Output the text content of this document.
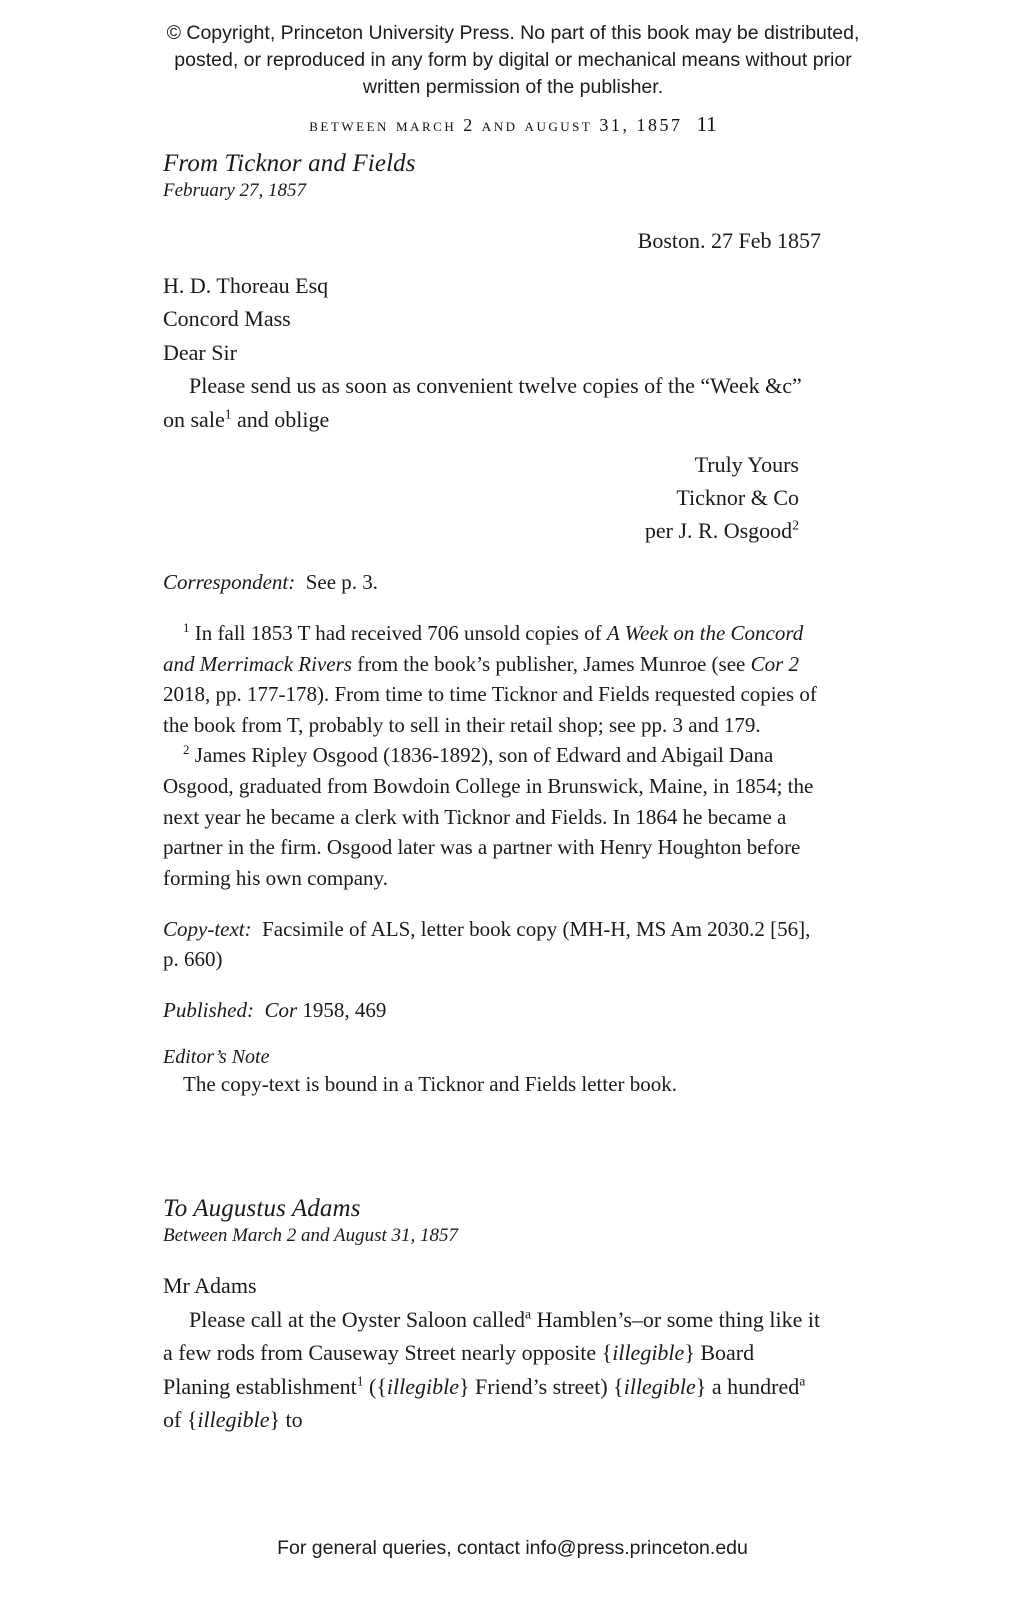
© Copyright, Princeton University Press. No part of this book may be distributed, posted, or reproduced in any form by digital or mechanical means without prior written permission of the publisher.
between march 2 and august 31, 1857 11

From Ticknor and Fields

February 27, 1857

Boston. 27 Feb 1857

H. D. Thoreau Esq

Concord Mass

Dear Sir

Please send us as soon as convenient twelve copies of the “Week &c” on sale$^1$ and oblige

Truly Yours

Ticknor & Co

per J. R. Osgood$^2$

Correspondent: See p. 3.

$^1$ In fall 1853 T had received 706 unsold copies of A Week on the Concord and Merrimack Rivers from the book’s publisher, James Munroe (see Cor 2 2018, pp. 177-178). From time to time Ticknor and Fields requested copies of the book from T, probably to sell in their retail shop; see pp. 3 and 179.

$^2$ James Ripley Osgood (1836-1892), son of Edward and Abigail Dana Osgood, graduated from Bowdoin College in Brunswick, Maine, in 1854; the next year he became a clerk with Ticknor and Fields. In 1864 he became a partner in the firm. Osgood later was a partner with Henry Houghton before forming his own company.

Copy-text: Facsimile of ALS, letter book copy (MH-H, MS Am 2030.2 [56], p. 660)

Published: Cor 1958, 469

Editor’s Note

The copy-text is bound in a Ticknor and Fields letter book.

To Augustus Adams

Between March 2 and August 31, 1857

Mr Adams

Please call at the Oyster Saloon called$^a$ Hamblen’s–or some thing like it a few rods from Causeway Street nearly opposite {illegible} Board Planing establishment$^1$ ({illegible} Friend’s street) {illegible} a hundred$^a$ of {illegible} to

For general queries, contact info@press.princeton.edu
